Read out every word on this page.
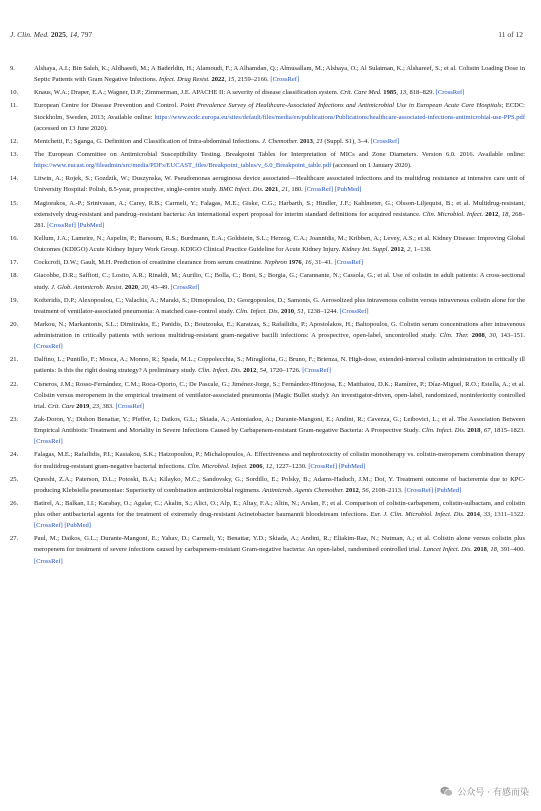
J. Clin. Med. 2025, 14, 797	11 of 12
9.	Alshaya, A.I.; Bin Saleh, K.; Aldhaeefi, M.; A Baderldin, H.; Alamoudi, F.; A Alhamdan, Q.; Almusallam, M.; Alshaya, O.; Al Sulaiman, K.; Alshareef, S.; et al. Colistin Loading Dose in Septic Patients with Gram Negative Infections. Infect. Drug Resist. 2022, 15, 2159–2166. [CrossRef]
10. Knaus, W.A.; Draper, E.A.; Wagner, D.P.; Zimmerman, J.E. APACHE II: A severity of disease classification system. Crit. Care Med. 1985, 13, 818–829. [CrossRef]
11. European Centre for Disease Prevention and Control. Point Prevalence Survey of Healthcare-Associated Infections and Antimicrobial Use in European Acute Care Hospitals; ECDC: Stockholm, Sweden, 2013; Available online: https://www.ecdc.europa.eu/sites/default/files/media/en/publications/Publications/healthcare-associated-infections-antimicrobial-use-PPS.pdf (accessed on 13 June 2020).
12. Menichetti, F.; Sganga, G. Definition and Classification of Intra-abdominal Infections. J. Chemother. 2013, 21 (Suppl. S1), 3–4. [CrossRef]
13. The European Committee on Antimicrobial Susceptibility Testing. Breakpoint Tables for Interpretation of MICs and Zone Diameters. Version 6.0. 2016. Available online: https://www.eucast.org/fileadmin/src/media/PDFs/EUCAST_files/Breakpoint_tables/v_6.0_Breakpoint_table.pdf (accessed on 1 January 2020).
14. Litwin, A.; Rojek, S.; Gozdzik, W.; Duszynska, W. Pseudomonas aeruginosa device associated—Healthcare associated infections and its multidrug resistance at intensive care unit of University Hospital: Polish, 8.5-year, prospective, single-centre study. BMC Infect. Dis. 2021, 21, 180. [CrossRef] [PubMed]
15. Magiorakos, A.-P.; Srinivasan, A.; Carey, R.B.; Carmeli, Y.; Falagas, M.E.; Giske, C.G.; Harbarth, S.; Hindler, J.F.; Kahlmeter, G.; Olsson-Liljequist, B.; et al. Multidrug-resistant, extensively drug-resistant and pandrug–resistant bacteria: An international expert proposal for interim standard definitions for acquired resistance. Clin. Microbiol. Infect. 2012, 18, 268–281. [CrossRef] [PubMed]
16. Kellum, J.A.; Lameire, N.; Aspelin, P.; Barsoum, R.S.; Burdmann, E.A.; Goldstein, S.L.; Herzog, C.A.; Joannidis, M.; Kribben, A.; Levey, A.S.; et al. Kidney Disease: Improving Global Outcomes (KDIGO) Acute Kidney Injury Work Group. KDIGO Clinical Practice Guideline for Acute Kidney Injury. Kidney Int. Suppl. 2012, 2, 1–138.
17. Cockcroft, D.W.; Gault, M.H. Prediction of creatinine clearance from serum creatinine. Nephron 1976, 16, 31–41. [CrossRef]
18. Giacobbe, D.R.; Saffioti, C.; Losito, A.R.; Rinaldi, M.; Aurilio, C.; Bolla, C.; Boni, S.; Borgia, G.; Carannante, N.; Cassola, G.; et al. Use of colistin in adult patients: A cross-sectional study. J. Glob. Antimicrob. Resist. 2020, 20, 43–49. [CrossRef]
19. Kofteridis, D.P.; Alexopoulou, C.; Valachis, A.; Maraki, S.; Dimopoulou, D.; Georgopoulos, D.; Samonis, G. Aerosolized plus intravenous colistin versus intravenous colistin alone for the treatment of ventilator-associated pneumonia: A matched case-control study. Clin. Infect. Dis. 2010, 51, 1238–1244. [CrossRef]
20. Markou, N.; Markantonis, S.L.; Dimitrakis, E.; Panidis, D.; Boutzouka, E.; Karatzas, S.; Rafailidis, P.; Apostolakos, H.; Baltopoulos, G. Colistin serum concentrations after intravenous administration in critically patients with serious multidrug-resistant gram-negative bacilli infections: A prospective, open-label, uncontrolled study. Clin. Ther. 2008, 30, 143–151. [CrossRef]
21. Dalfino, L.; Puntillo, F.; Mosca, A.; Monno, R.; Spada, M.L.; Coppolecchia, S.; Miragliotta, G.; Bruno, F.; Brienza, N. High-dose, extended-interval colistin administration in critically ill patients: Is this the right dosing strategy? A preliminary study. Clin. Infect. Dis. 2012, 54, 1720–1726. [CrossRef]
22. Cisneros, J.M.; Rosso-Fernández, C.M.; Roca-Oporto, C.; De Pascale, G.; Jiménez-Jorge, S.; Fernández-Hinojosa, E.; Matthaiou, D.K.; Ramírez, P.; Díaz-Miguel, R.O.; Estella, A.; et al. Colistin versus meropenem in the empirical treatment of ventilator-associated pneumonia (Magic Bullet study): An investigator-driven, open-label, randomized, noninferiority controlled trial. Crit. Care 2019, 23, 383. [CrossRef]
23. Zak-Doron, Y.; Dishon Benattar, Y.; Pfeffer, I.; Daikos, G.L.; Skiada, A.; Antoniadou, A.; Durante-Mangoni, E.; Andini, R.; Cavezza, G.; Leibovici, L.; et al. The Association Between Empirical Antibiotic Treatment and Mortality in Severe Infections Caused by Carbapenem-resistant Gram-negative Bacteria: A Prospective Study. Clin. Infect. Dis. 2018, 67, 1815–1823. [CrossRef]
24. Falagas, M.E.; Rafailidis, P.I.; Kasiakou, S.K.; Hatzopoulou, P.; Michalopoulos, A. Effectiveness and nephrotoxicity of colistin monotherapy vs. colistin-meropenem combination therapy for multidrug-resistant gram-negative bacterial infections. Clin. Microbiol. Infect. 2006, 12, 1227–1230. [CrossRef] [PubMed]
25. Qureshi, Z.A.; Paterson, D.L.; Potoski, B.A.; Kilayko, M.C.; Sandovsky, G.; Sordillo, E.; Polsky, B.; Adams-Haduch, J.M.; Doi, Y. Treatment outcome of bacteremia due to KPC-producing Klebsiella pneumoniae: Superiority of combination antimicrobial regimens. Antimicrob. Agents Chemother. 2012, 56, 2108–2113. [CrossRef] [PubMed]
26. Batirel, A.; Balkan, I.I.; Karabay, O.; Agalar, C.; Akalin, S.; Alici, O.; Alp, E.; Altay, F.A.; Altin, N.; Arslan, F.; et al. Comparison of colistin-carbapenem, colistin-sulbactam, and colistin plus other antibacterial agents for the treatment of extremely drug-resistant Acinetobacter baumannii bloodstream infections. Eur. J. Clin. Microbiol. Infect. Dis. 2014, 33, 1311–1322. [CrossRef] [PubMed]
27. Paul, M.; Daikos, G.L.; Durante-Mangoni, E.; Yahav, D.; Carmeli, Y.; Benattar, Y.D.; Skiada, A.; Andini, R.; Eliakim-Raz, N.; Nutman, A.; et al. Colistin alone versus colistin plus meropenem for treatment of severe infections caused by carbapenem-resistant Gram-negative bacteria: An open-label, randomised controlled trial. Lancet Infect. Dis. 2018, 18, 391–400. [CrossRef]
公众号 · 有感而染
